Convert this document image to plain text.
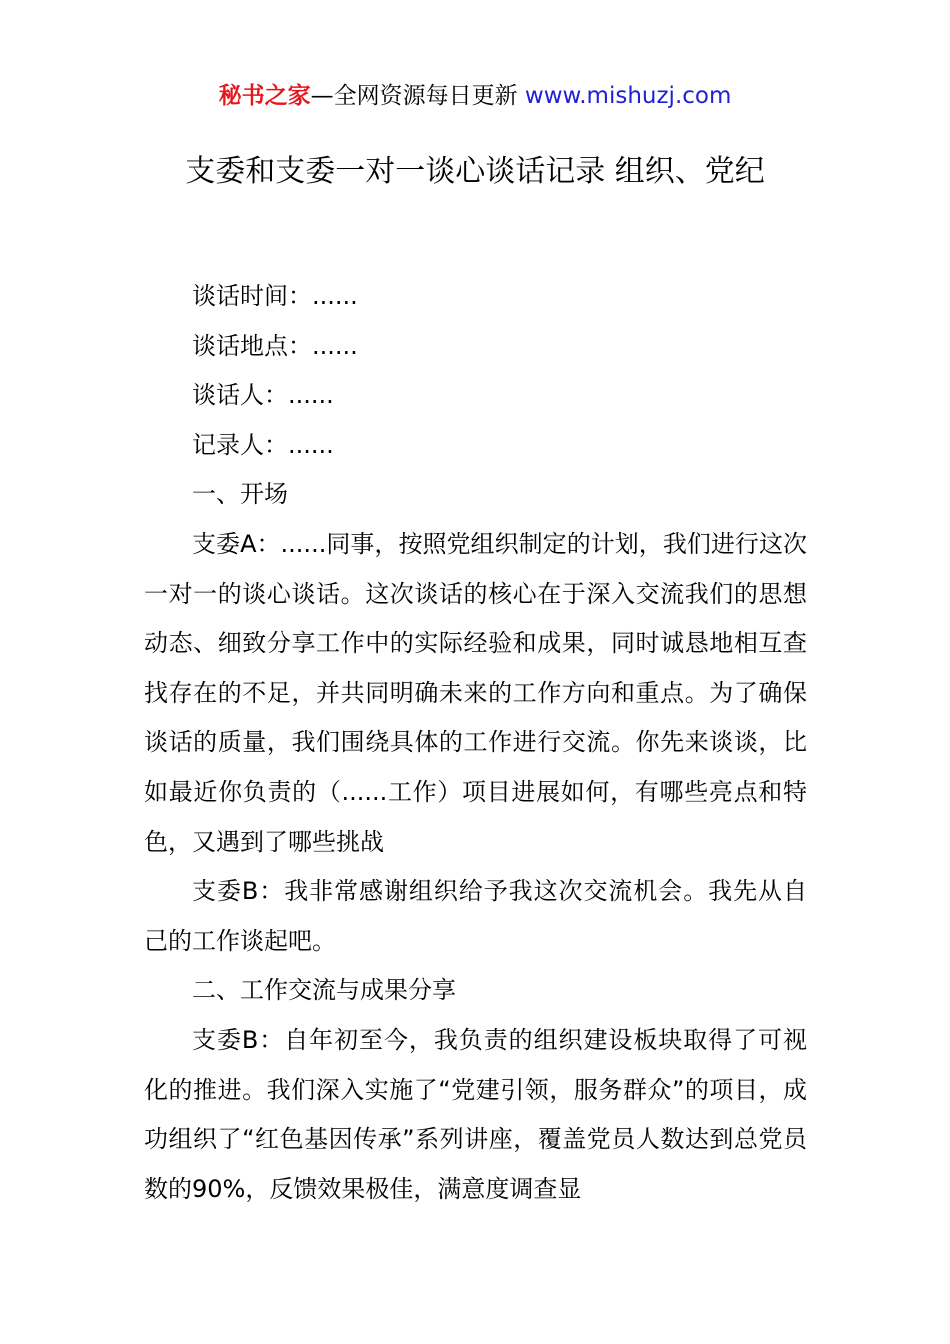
秘书之家—全网资源每日更新 www.mishuzj.com
支委和支委一对一谈心谈话记录 组织、党纪

谈话时间：......

谈话地点：......

谈话人：......

记录人：......

一、开场

支委A：......同事，按照党组织制定的计划，我们进行这次一对一的谈心谈话。这次谈话的核心在于深入交流我们的思想动态、细致分享工作中的实际经验和成果，同时诚恳地相互查找存在的不足，并共同明确未来的工作方向和重点。为了确保谈话的质量，我们围绕具体的工作进行交流。你先来谈谈，比如最近你负责的（......工作）项目进展如何，有哪些亮点和特色，又遇到了哪些挑战

支委B：我非常感谢组织给予我这次交流机会。我先从自己的工作谈起吧。

二、工作交流与成果分享

支委B：自年初至今，我负责的组织建设板块取得了可视化的推进。我们深入实施了“党建引领，服务群众”的项目，成功组织了“红色基因传承”系列讲座，覆盖党员人数达到总党员数的90%，反馈效果极佳，满意度调查显
